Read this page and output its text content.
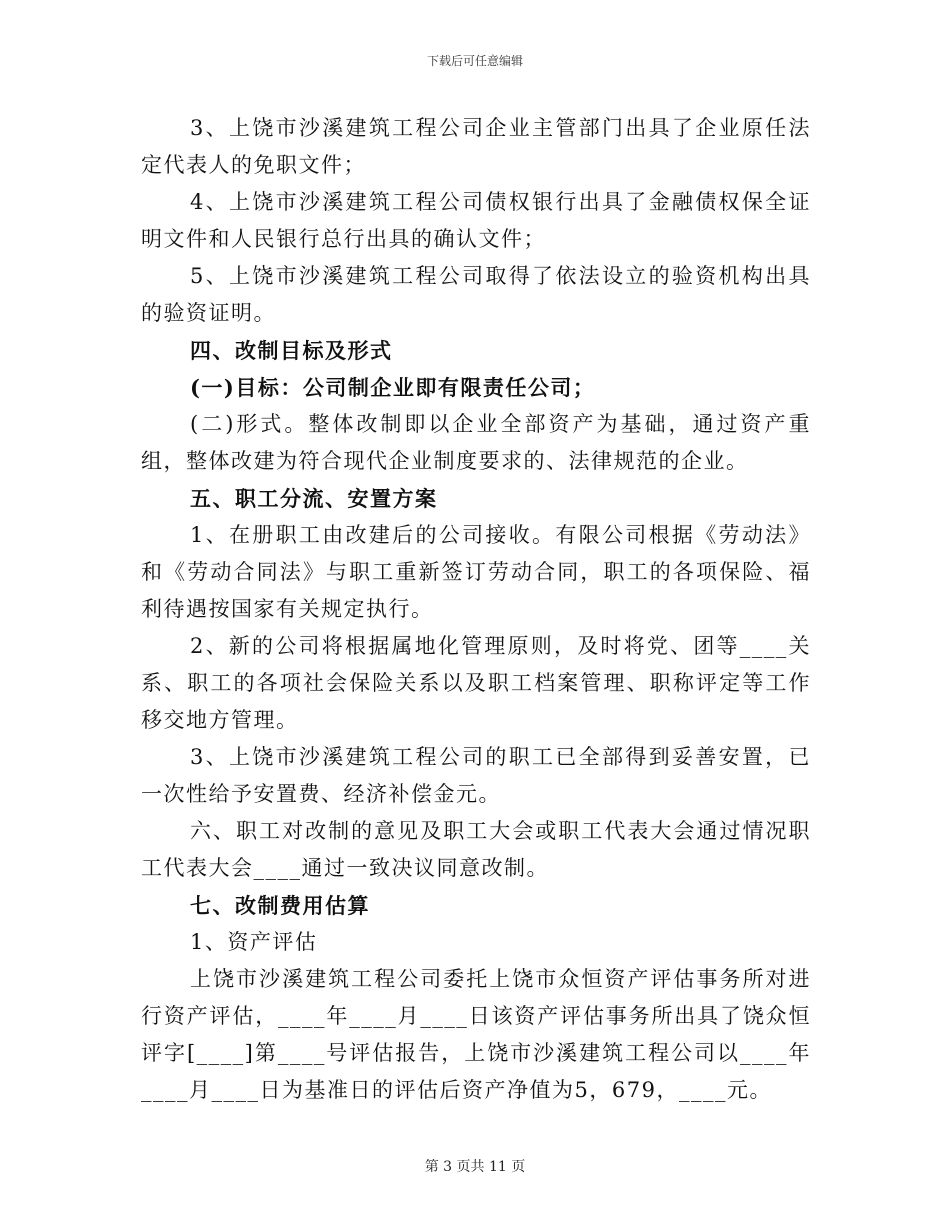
下载后可任意编辑

3、上饶市沙溪建筑工程公司企业主管部门出具了企业原任法定代表人的免职文件；

4、上饶市沙溪建筑工程公司债权银行出具了金融债权保全证明文件和人民银行总行出具的确认文件；

5、上饶市沙溪建筑工程公司取得了依法设立的验资机构出具的验资证明。

四、改制目标及形式

(一)目标：公司制企业即有限责任公司；

(二)形式。整体改制即以企业全部资产为基础，通过资产重组，整体改建为符合现代企业制度要求的、法律规范的企业。

五、职工分流、安置方案

1、在册职工由改建后的公司接收。有限公司根据《劳动法》和《劳动合同法》与职工重新签订劳动合同，职工的各项保险、福利待遇按国家有关规定执行。

2、新的公司将根据属地化管理原则，及时将党、团等____关系、职工的各项社会保险关系以及职工档案管理、职称评定等工作移交地方管理。

3、上饶市沙溪建筑工程公司的职工已全部得到妥善安置，已一次性给予安置费、经济补偿金元。

六、职工对改制的意见及职工大会或职工代表大会通过情况职工代表大会____通过一致决议同意改制。

七、改制费用估算

1、资产评估

上饶市沙溪建筑工程公司委托上饶市众恒资产评估事务所对进行资产评估，____年____月____日该资产评估事务所出具了饶众恒评字[____]第____号评估报告，上饶市沙溪建筑工程公司以____年____月____日为基准日的评估后资产净值为5，679，____元。

第 3 页共 11 页
